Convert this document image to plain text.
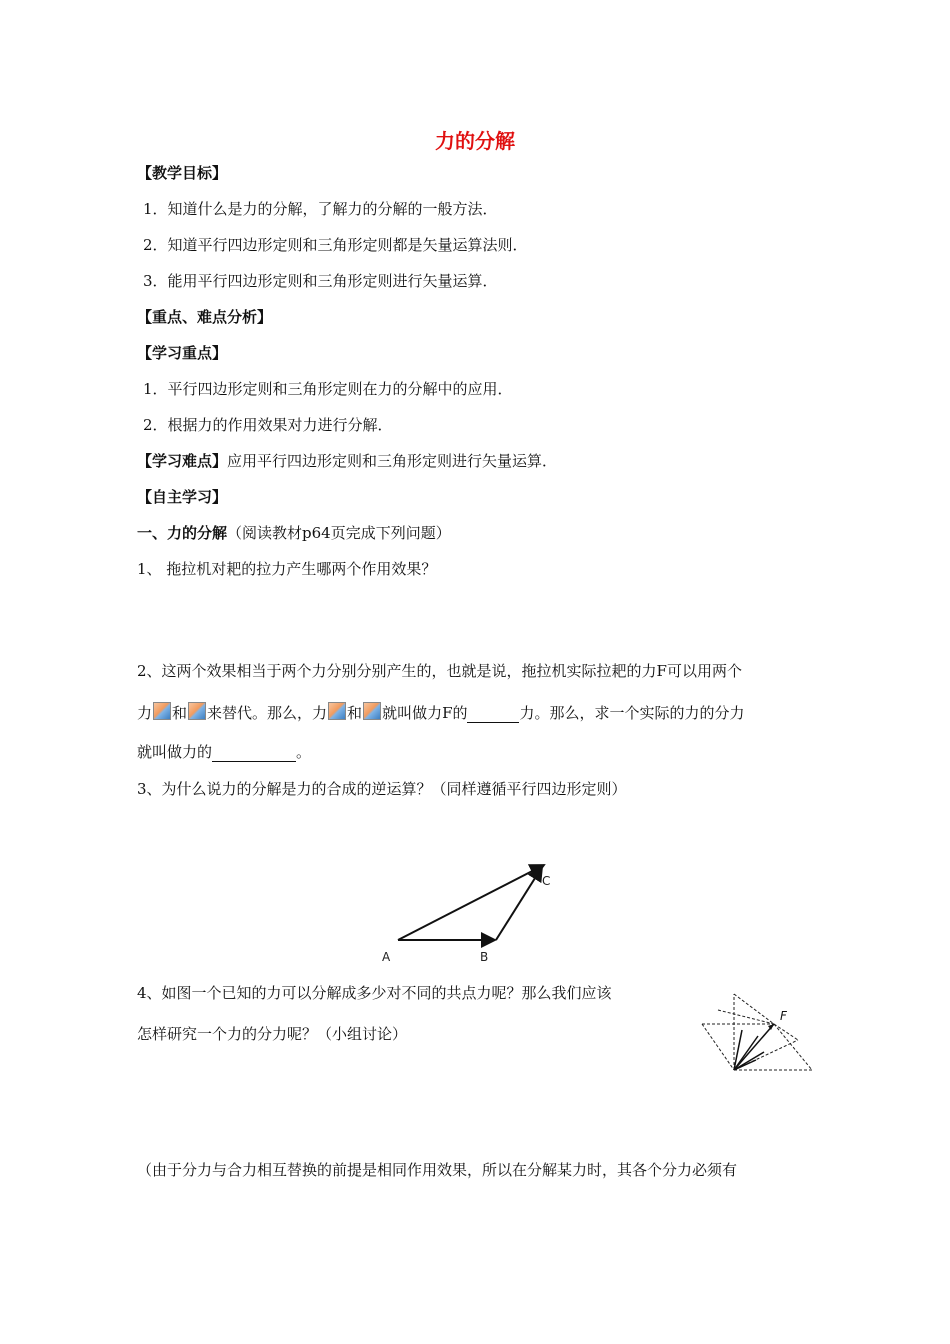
力的分解
【教学目标】
1．知道什么是力的分解，了解力的分解的一般方法．
2．知道平行四边形定则和三角形定则都是矢量运算法则．
3．能用平行四边形定则和三角形定则进行矢量运算．
【重点、难点分析】
【学习重点】
1．平行四边形定则和三角形定则在力的分解中的应用．
2．根据力的作用效果对力进行分解．
【学习难点】应用平行四边形定则和三角形定则进行矢量运算．
【自主学习】
一、力的分解（阅读教材p64页完成下列问题）
1、 拖拉机对耙的拉力产生哪两个作用效果？
2、这两个效果相当于两个力分别分别产生的，也就是说，拖拉机实际拉耙的力F可以用两个
力 和 来替代。那么，力 和 就叫做力F的	力。那么，求一个实际的力的分力
就叫做力的	。
3、为什么说力的分解是力的合成的逆运算？（同样遵循平行四边形定则）
A	B
C
4、如图一个已知的力可以分解成多少对不同的共点力呢？那么我们应该
怎样研究一个力的分力呢？（小组讨论）
F
（由于分力与合力相互替换的前提是相同作用效果，所以在分解某力时，其各个分力必须有
